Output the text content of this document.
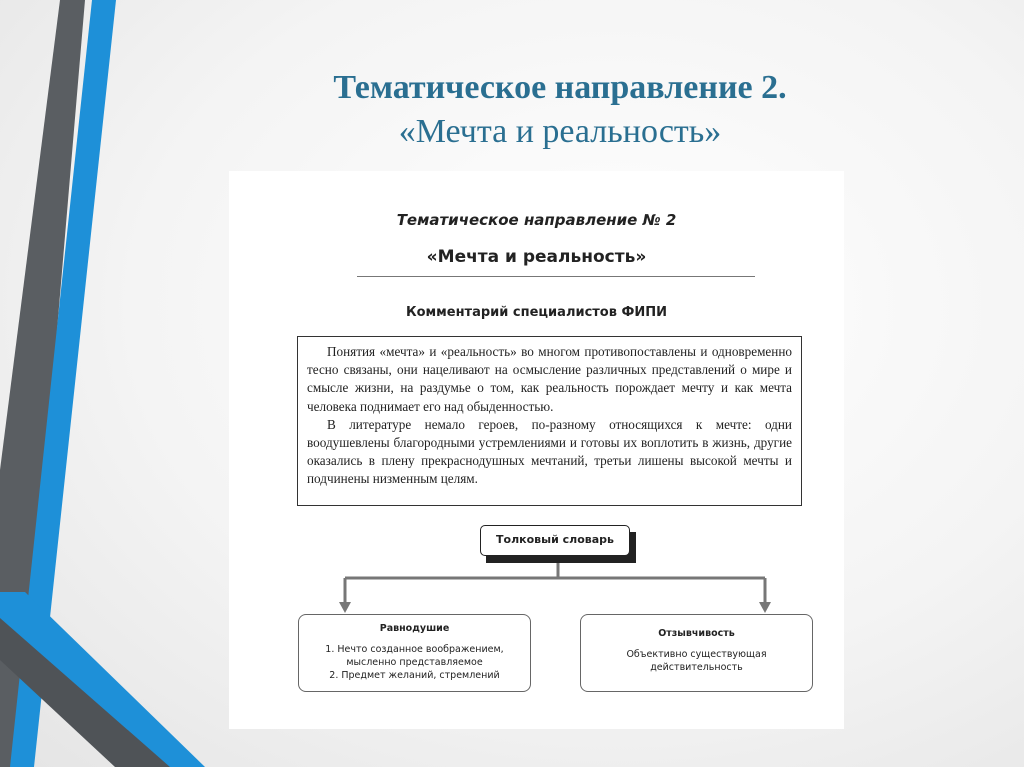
Тематическое направление 2.
«Мечта и реальность»
Тематическое направление № 2
«Мечта и реальность»
Комментарий специалистов ФИПИ

Понятия «мечта» и «реальность» во многом противопоставлены и одновременно тесно связаны, они нацеливают на осмысление различных представлений о мире и смысле жизни, на раздумье о том, как реальность порождает мечту и как мечта человека поднимает его над обыденностью.

В литературе немало героев, по-разному относящихся к мечте: одни воодушевлены благородными устремлениями и готовы их воплотить в жизнь, другие оказались в плену прекраснодушных мечтаний, третьи лишены высокой мечты и подчинены низменным целям.

Толковый словарь
Равнодушие
1. Нечто созданное воображением,
мысленно представляемое
2. Предмет желаний, стремлений
Отзывчивость
Объективно существующая
действительность
